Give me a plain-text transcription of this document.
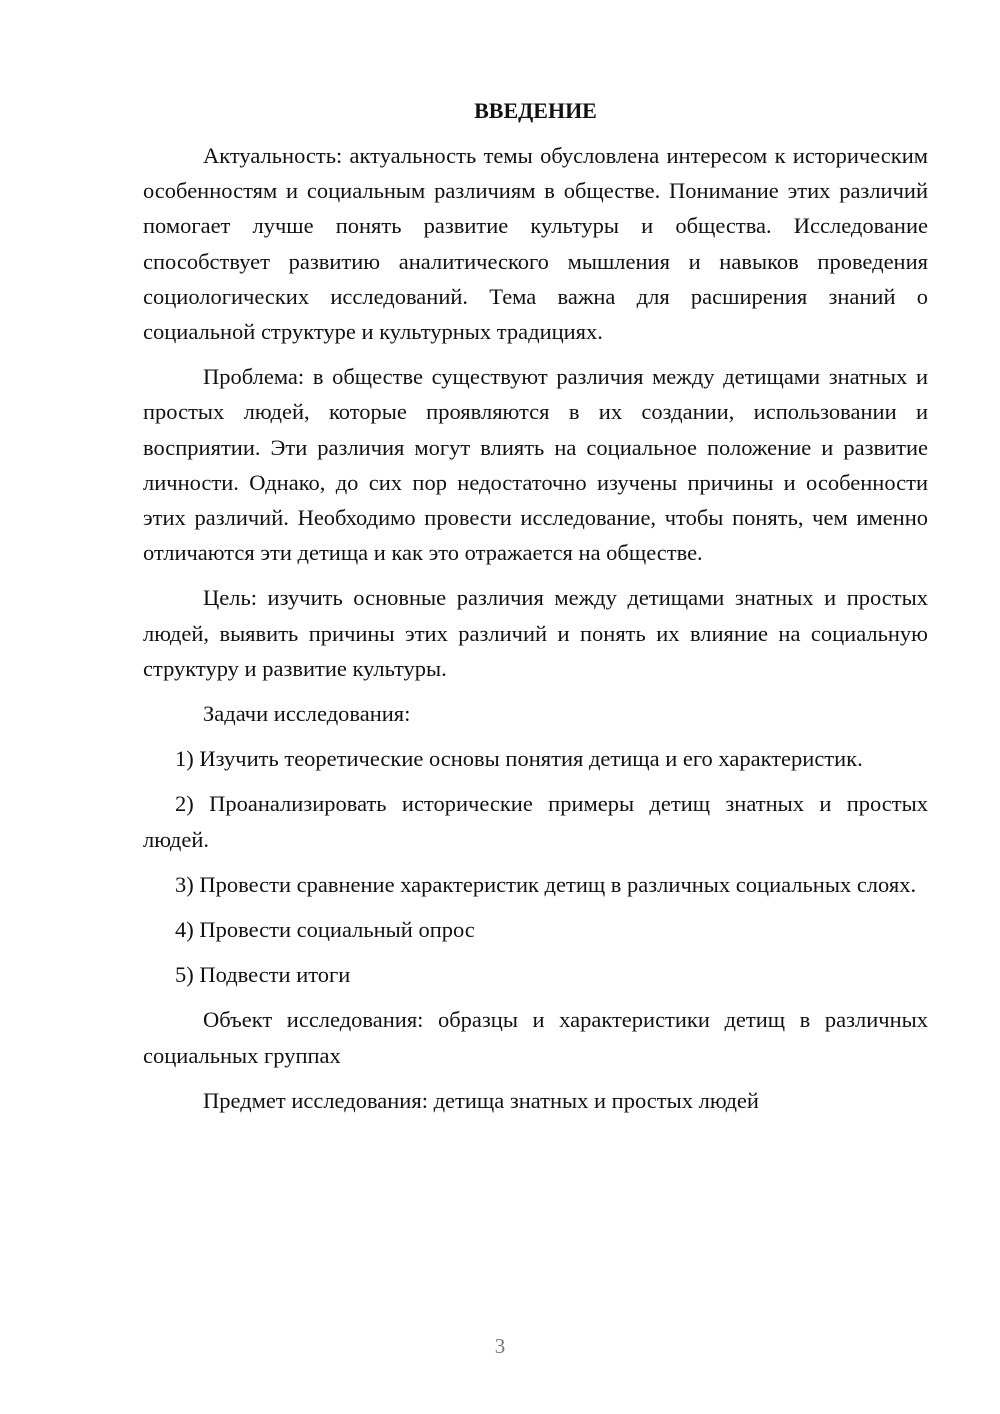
ВВЕДЕНИЕ

Актуальность: актуальность темы обусловлена интересом к историческим особенностям и социальным различиям в обществе. Понимание этих различий помогает лучше понять развитие культуры и общества. Исследование способствует развитию аналитического мышления и навыков проведения социологических исследований. Тема важна для расширения знаний о социальной структуре и культурных традициях.

Проблема: в обществе существуют различия между детищами знатных и простых людей, которые проявляются в их создании, использовании и восприятии. Эти различия могут влиять на социальное положение и развитие личности. Однако, до сих пор недостаточно изучены причины и особенности этих различий. Необходимо провести исследование, чтобы понять, чем именно отличаются эти детища и как это отражается на обществе.

Цель: изучить основные различия между детищами знатных и простых людей, выявить причины этих различий и понять их влияние на социальную структуру и развитие культуры.

Задачи исследования:

1) Изучить теоретические основы понятия детища и его характеристик.

2) Проанализировать исторические примеры детищ знатных и простых людей.

3) Провести сравнение характеристик детищ в различных социальных слоях.

4) Провести социальный опрос

5) Подвести итоги

Объект исследования: образцы и характеристики детищ в различных социальных группах

Предмет исследования: детища знатных и простых людей

3
